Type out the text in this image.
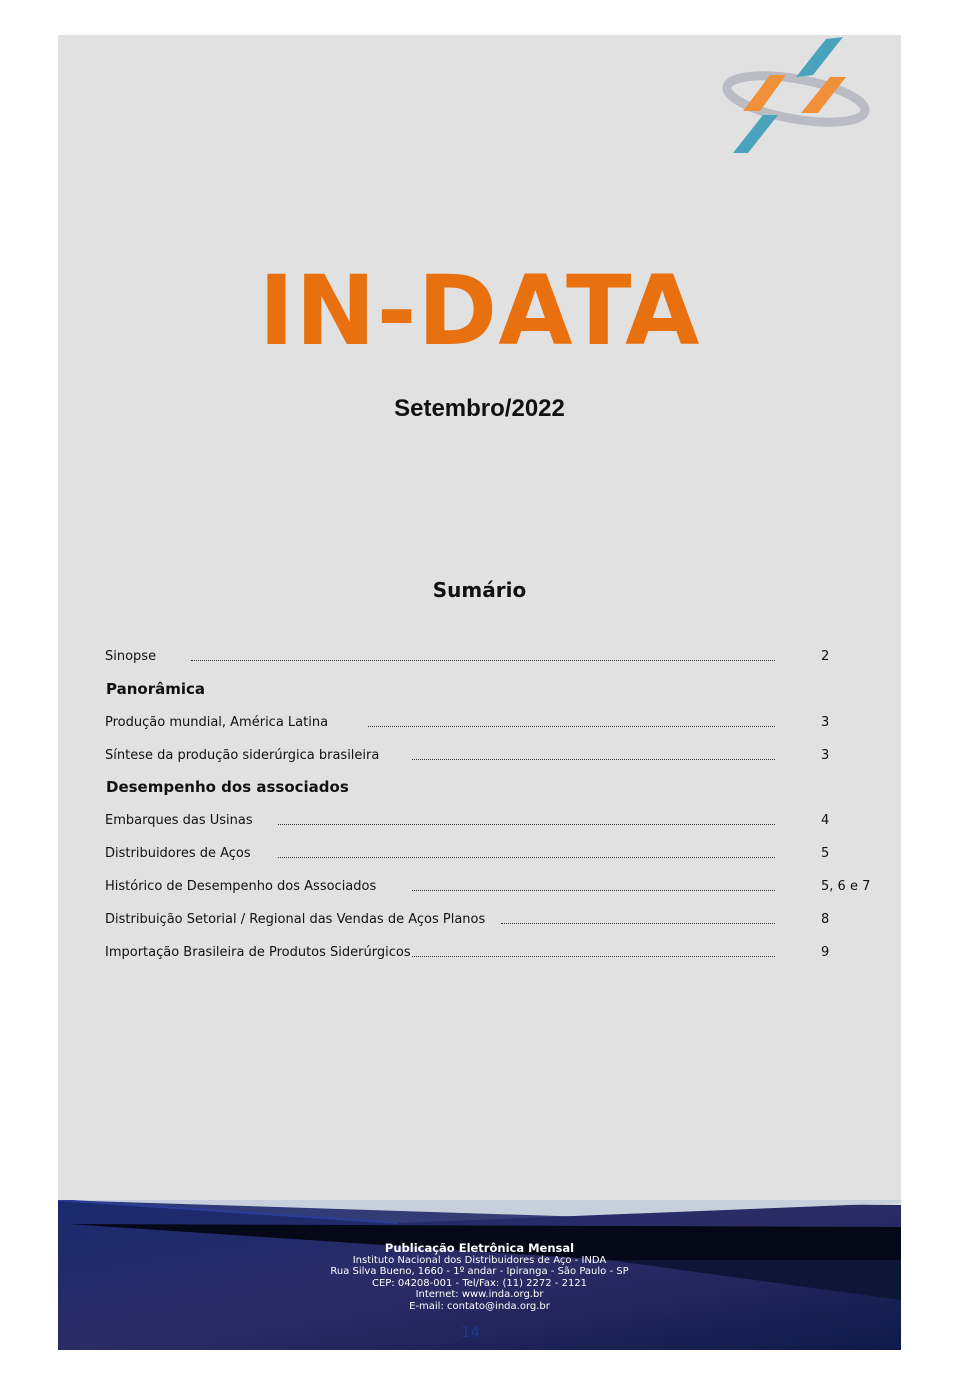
IN-DATA
Setembro/2022
Sumário
Sinopse	2
Panorâmica
Produção mundial, América Latina	3
Síntese da produção siderúrgica brasileira	3
Desempenho dos associados
Embarques das Usinas	4
Distribuidores de Aços	5
Histórico de Desempenho dos Associados	5, 6 e 7
Distribuição Setorial / Regional das Vendas de Aços Planos	8
Importação Brasileira de Produtos Siderúrgicos	9
Publicação Eletrônica Mensal
Instituto Nacional dos Distribuidores de Aço - INDA
Rua Silva Bueno, 1660 - 1º andar - Ipiranga - São Paulo - SP
CEP: 04208-001 - Tel/Fax: (11) 2272 - 2121
Internet: www.inda.org.br
E-mail: contato@inda.org.br
14
